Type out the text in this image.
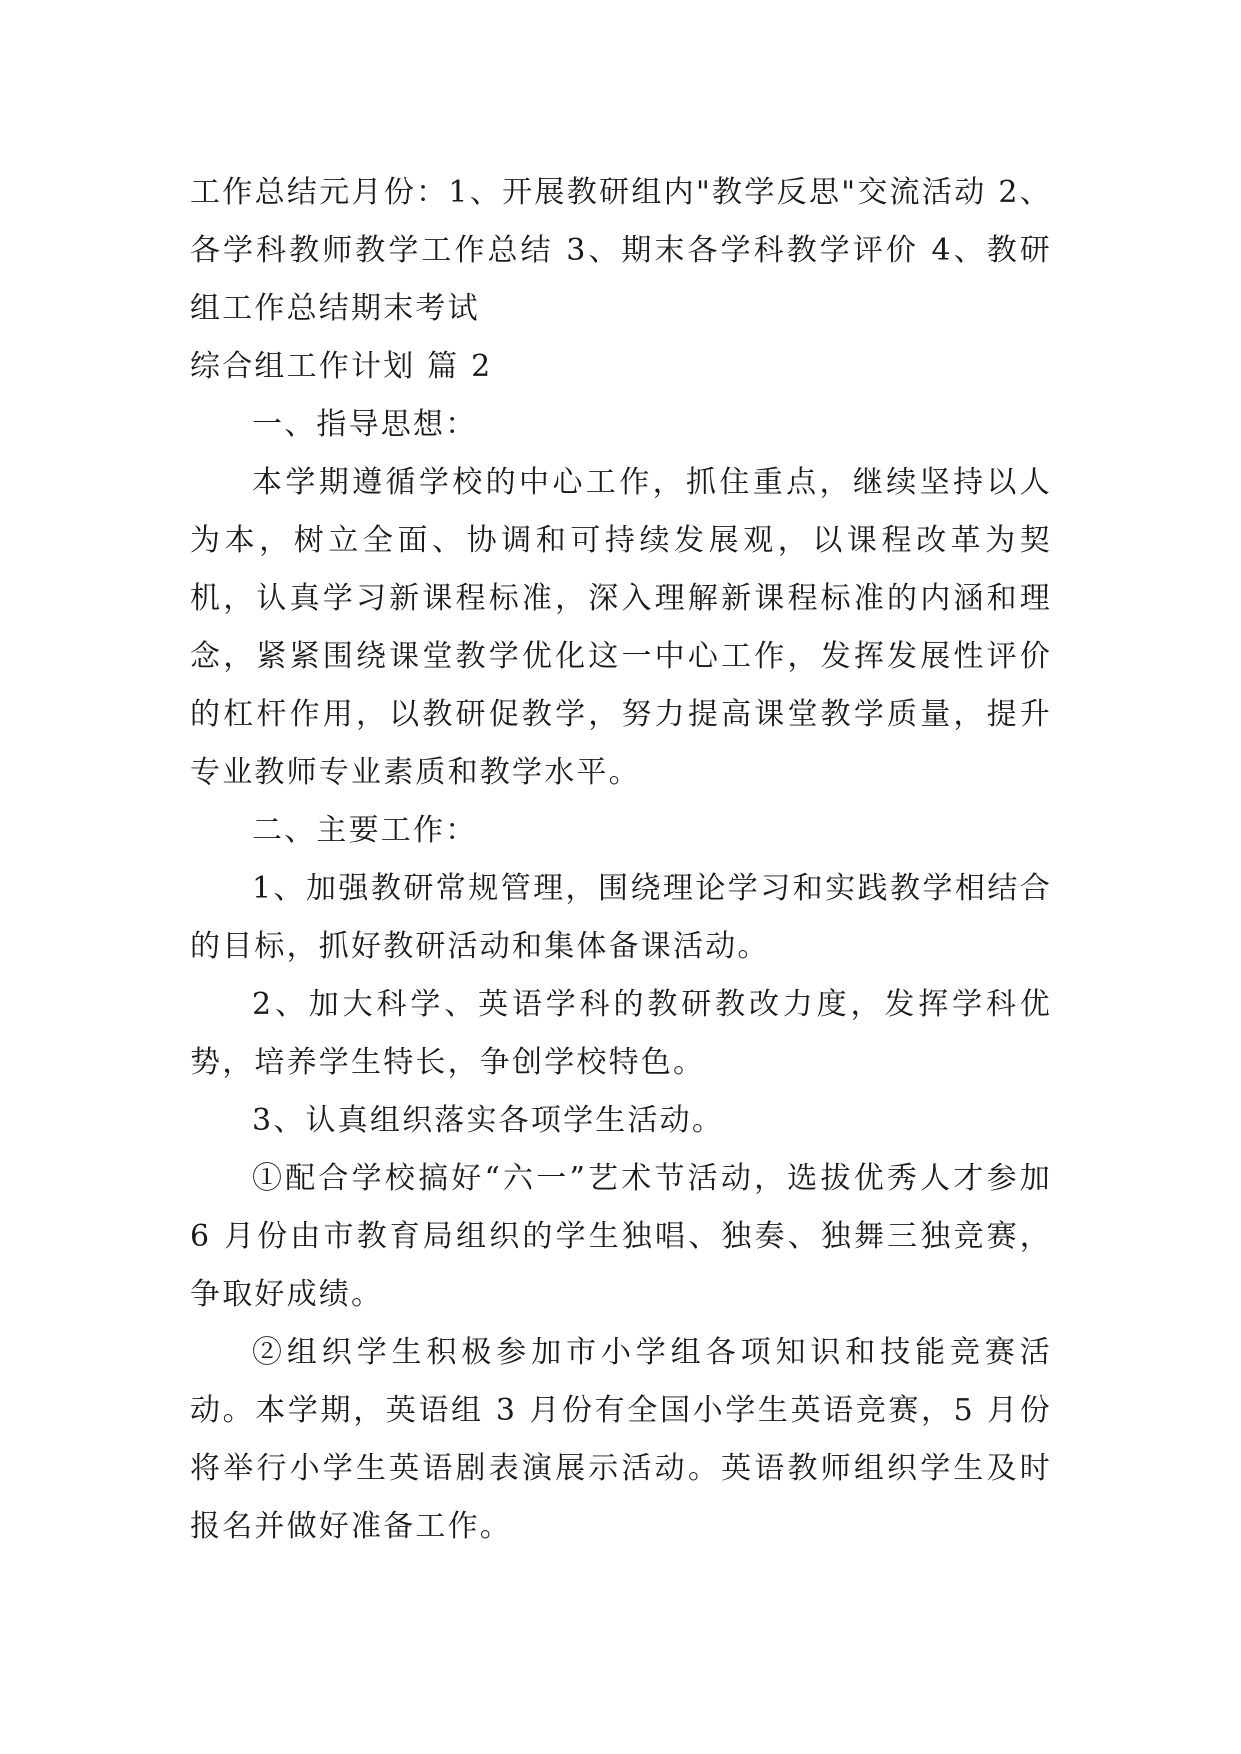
工作总结元月份：1、开展教研组内"教学反思"交流活动 2、各学科教师教学工作总结 3、期末各学科教学评价 4、教研组工作总结期末考试

综合组工作计划 篇 2

一、指导思想：

本学期遵循学校的中心工作，抓住重点，继续坚持以人为本，树立全面、协调和可持续发展观，以课程改革为契机，认真学习新课程标准，深入理解新课程标准的内涵和理念，紧紧围绕课堂教学优化这一中心工作，发挥发展性评价的杠杆作用，以教研促教学，努力提高课堂教学质量，提升专业教师专业素质和教学水平。

二、主要工作：

1、加强教研常规管理，围绕理论学习和实践教学相结合的目标，抓好教研活动和集体备课活动。

2、加大科学、英语学科的教研教改力度，发挥学科优势，培养学生特长，争创学校特色。

3、认真组织落实各项学生活动。

①配合学校搞好“六一”艺术节活动，选拔优秀人才参加 6 月份由市教育局组织的学生独唱、独奏、独舞三独竞赛，争取好成绩。

②组织学生积极参加市小学组各项知识和技能竞赛活动。本学期，英语组 3 月份有全国小学生英语竞赛，5 月份将举行小学生英语剧表演展示活动。英语教师组织学生及时报名并做好准备工作。
